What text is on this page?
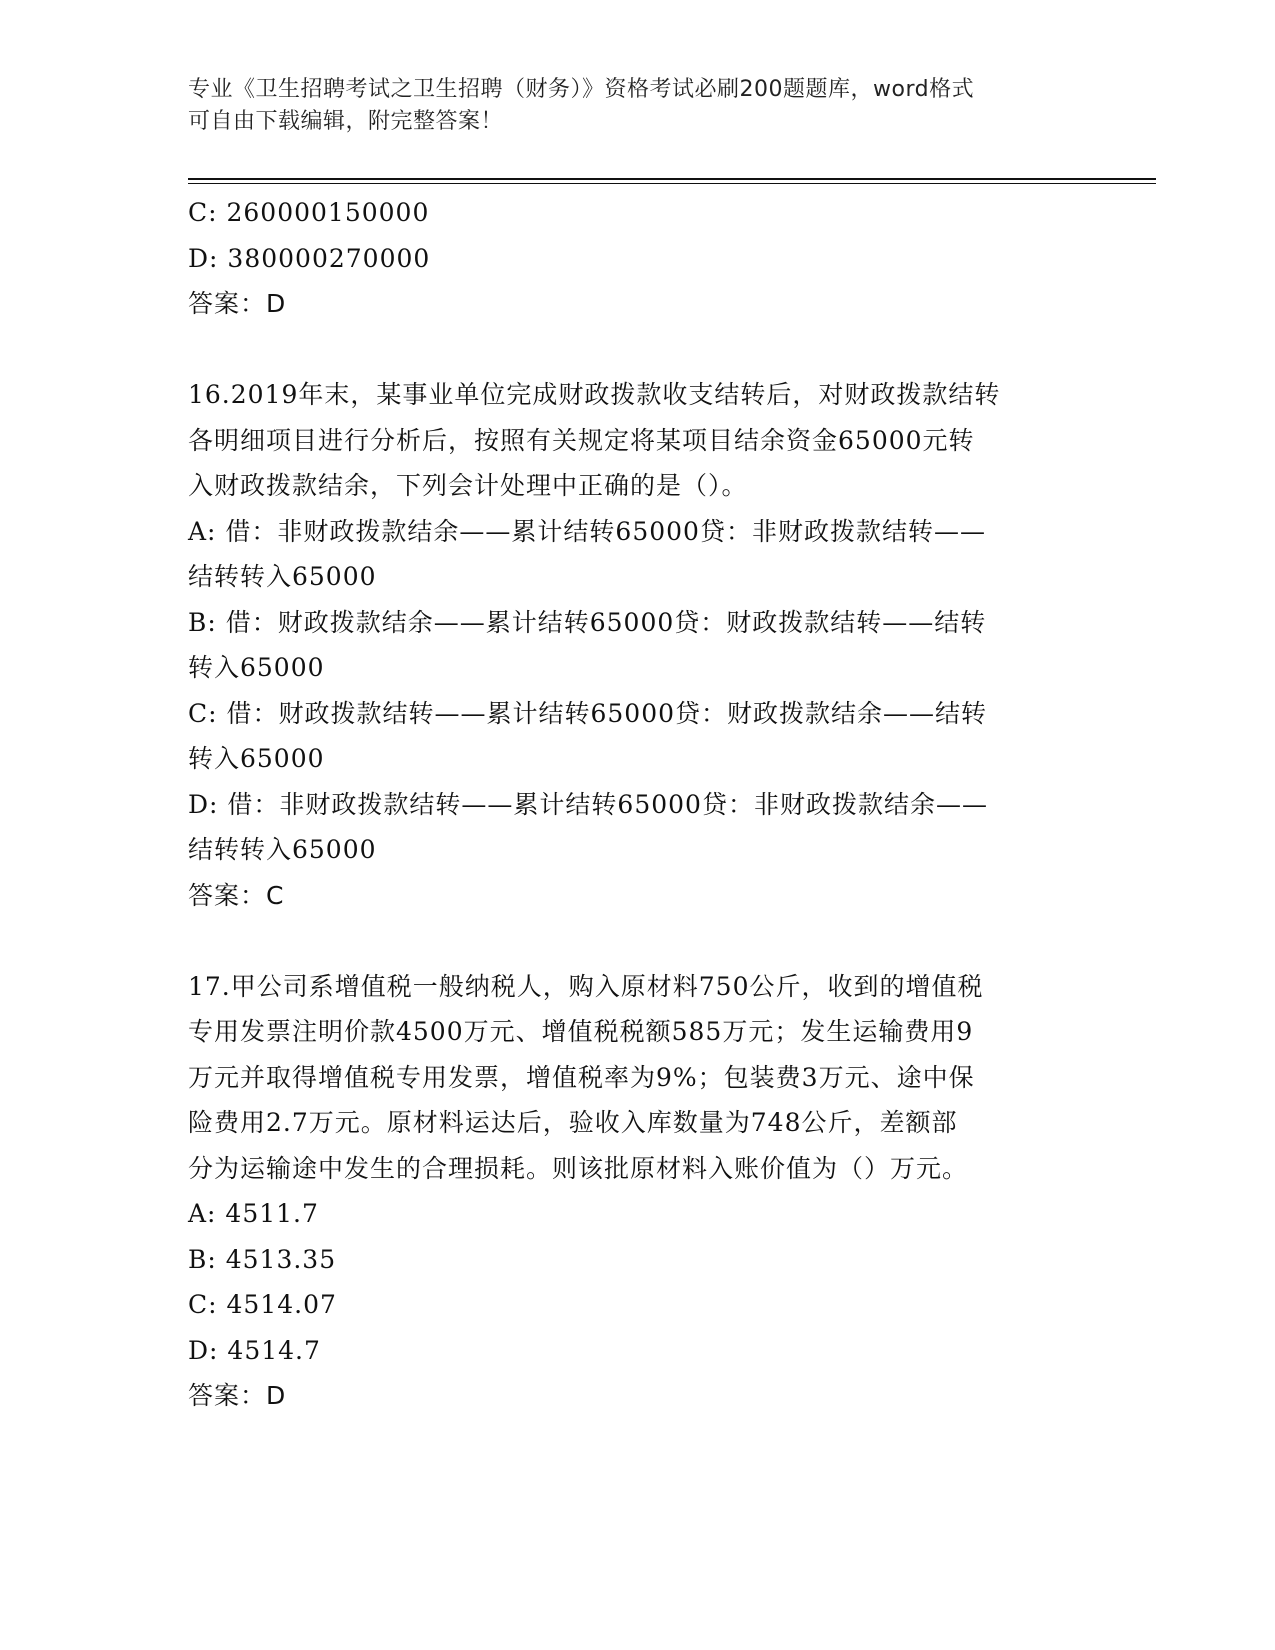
专业《卫生招聘考试之卫生招聘（财务）》资格考试必刷200题题库，word格式
可自由下载编辑，附完整答案！
C: 260000150000
D: 380000270000
答案：D
16.2019年末，某事业单位完成财政拨款收支结转后，对财政拨款结转
各明细项目进行分析后，按照有关规定将某项目结余资金65000元转
入财政拨款结余，下列会计处理中正确的是（）。
A: 借：非财政拨款结余——累计结转65000贷：非财政拨款结转——
结转转入65000
B: 借：财政拨款结余——累计结转65000贷：财政拨款结转——结转
转入65000
C: 借：财政拨款结转——累计结转65000贷：财政拨款结余——结转
转入65000
D: 借：非财政拨款结转——累计结转65000贷：非财政拨款结余——
结转转入65000
答案：C
17.甲公司系增值税一般纳税人，购入原材料750公斤，收到的增值税
专用发票注明价款4500万元、增值税税额585万元；发生运输费用9
万元并取得增值税专用发票，增值税率为9%；包装费3万元、途中保
险费用2.7万元。原材料运达后，验收入库数量为748公斤，差额部
分为运输途中发生的合理损耗。则该批原材料入账价值为（）万元。
A: 4511.7
B: 4513.35
C: 4514.07
D: 4514.7
答案：D
